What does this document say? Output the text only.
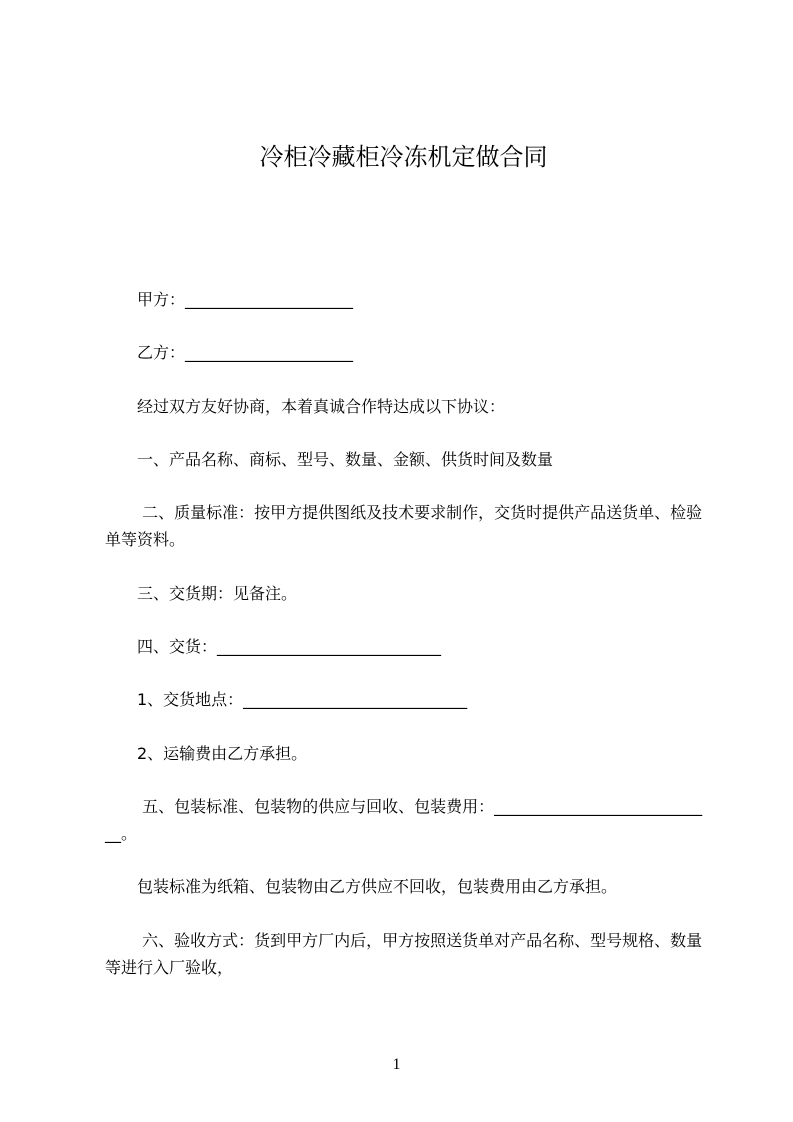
冷柜冷藏柜冷冻机定做合同
甲方：_____________________
乙方：_____________________
经过双方友好协商，本着真诚合作特达成以下协议：
一、产品名称、商标、型号、数量、金额、供货时间及数量
二、质量标准：按甲方提供图纸及技术要求制作，交货时提供产品送货单、检验
单等资料。
三、交货期：见备注。
四、交货：____________________________
1、交货地点：____________________________
2、运输费由乙方承担。
五、包装标准、包装物的供应与回收、包装费用：__________________________
__。
包装标准为纸箱、包装物由乙方供应不回收，包装费用由乙方承担。
六、验收方式：货到甲方厂内后，甲方按照送货单对产品名称、型号规格、数量
等进行入厂验收，
1
